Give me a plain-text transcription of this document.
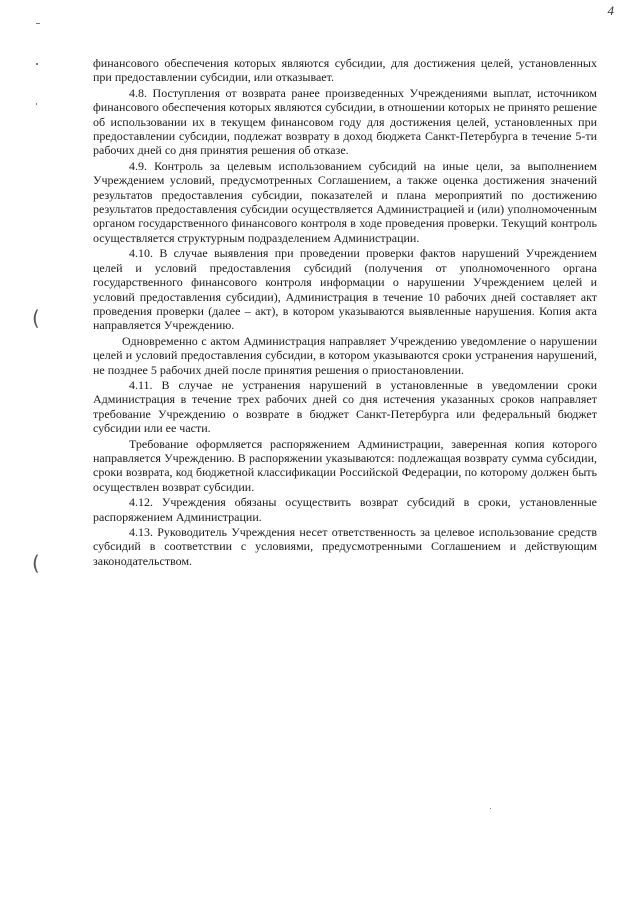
4
(
(

финансового обеспечения которых являются субсидии, для достижения целей, установленных при предоставлении субсидии, или отказывает.

4.8. Поступления от возврата ранее произведенных Учреждениями выплат, источником финансового обеспечения которых являются субсидии, в отношении которых не принято решение об использовании их в текущем финансовом году для достижения целей, установленных при предоставлении субсидии, подлежат возврату в доход бюджета Санкт-Петербурга в течение 5-ти рабочих дней со дня принятия решения об отказе.

4.9. Контроль за целевым использованием субсидий на иные цели, за выполнением Учреждением условий, предусмотренных Соглашением, а также оценка достижения значений результатов предоставления субсидии, показателей и плана мероприятий по достижению результатов предоставления субсидии осуществляется Администрацией и (или) уполномоченным органом государственного финансового контроля в ходе проведения проверки. Текущий контроль осуществляется структурным подразделением Администрации.

4.10. В случае выявления при проведении проверки фактов нарушений Учреждением целей и условий предоставления субсидий (получения от уполномоченного органа государственного финансового контроля информации о нарушении Учреждением целей и условий предоставления субсидии), Администрация в течение 10 рабочих дней составляет акт проведения проверки (далее – акт), в котором указываются выявленные нарушения. Копия акта направляется Учреждению.

Одновременно с актом Администрация направляет Учреждению уведомление о нарушении целей и условий предоставления субсидии, в котором указываются сроки устранения нарушений, не позднее 5 рабочих дней после принятия решения о приостановлении.

4.11. В случае не устранения нарушений в установленные в уведомлении сроки Администрация в течение трех рабочих дней со дня истечения указанных сроков направляет требование Учреждению о возврате в бюджет Санкт-Петербурга или федеральный бюджет субсидии или ее части.

Требование оформляется распоряжением Администрации, заверенная копия которого направляется Учреждению. В распоряжении указываются: подлежащая возврату сумма субсидии, сроки возврата, код бюджетной классификации Российской Федерации, по которому должен быть осуществлен возврат субсидии.

4.12. Учреждения обязаны осуществить возврат субсидий в сроки, установленные распоряжением Администрации.

4.13. Руководитель Учреждения несет ответственность за целевое использование средств субсидий в соответствии с условиями, предусмотренными Соглашением и действующим законодательством.
